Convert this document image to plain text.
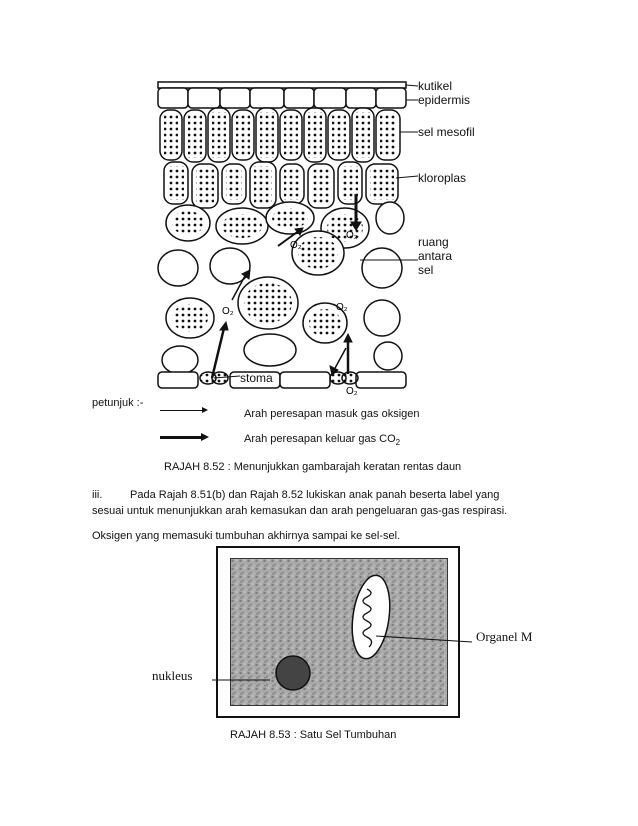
O₂
O₂
O₂	O₂
O₂
kutikel
epidermis
sel mesofil
kloroplas
ruang
antara
sel
stoma
petunjuk :-
Arah peresapan masuk gas oksigen
Arah peresapan keluar gas $CO_2$
RAJAH 8.52 : Menunjukkan gambarajah keratan rentas daun
iii.	Pada Rajah 8.51(b) dan Rajah 8.52 lukiskan anak panah beserta label yang
sesuai untuk menunjukkan arah kemasukan dan arah pengeluaran gas-gas respirasi.
Oksigen yang memasuki tumbuhan akhirnya sampai ke sel-sel.
Organel M
nukleus
RAJAH 8.53 : Satu Sel Tumbuhan
